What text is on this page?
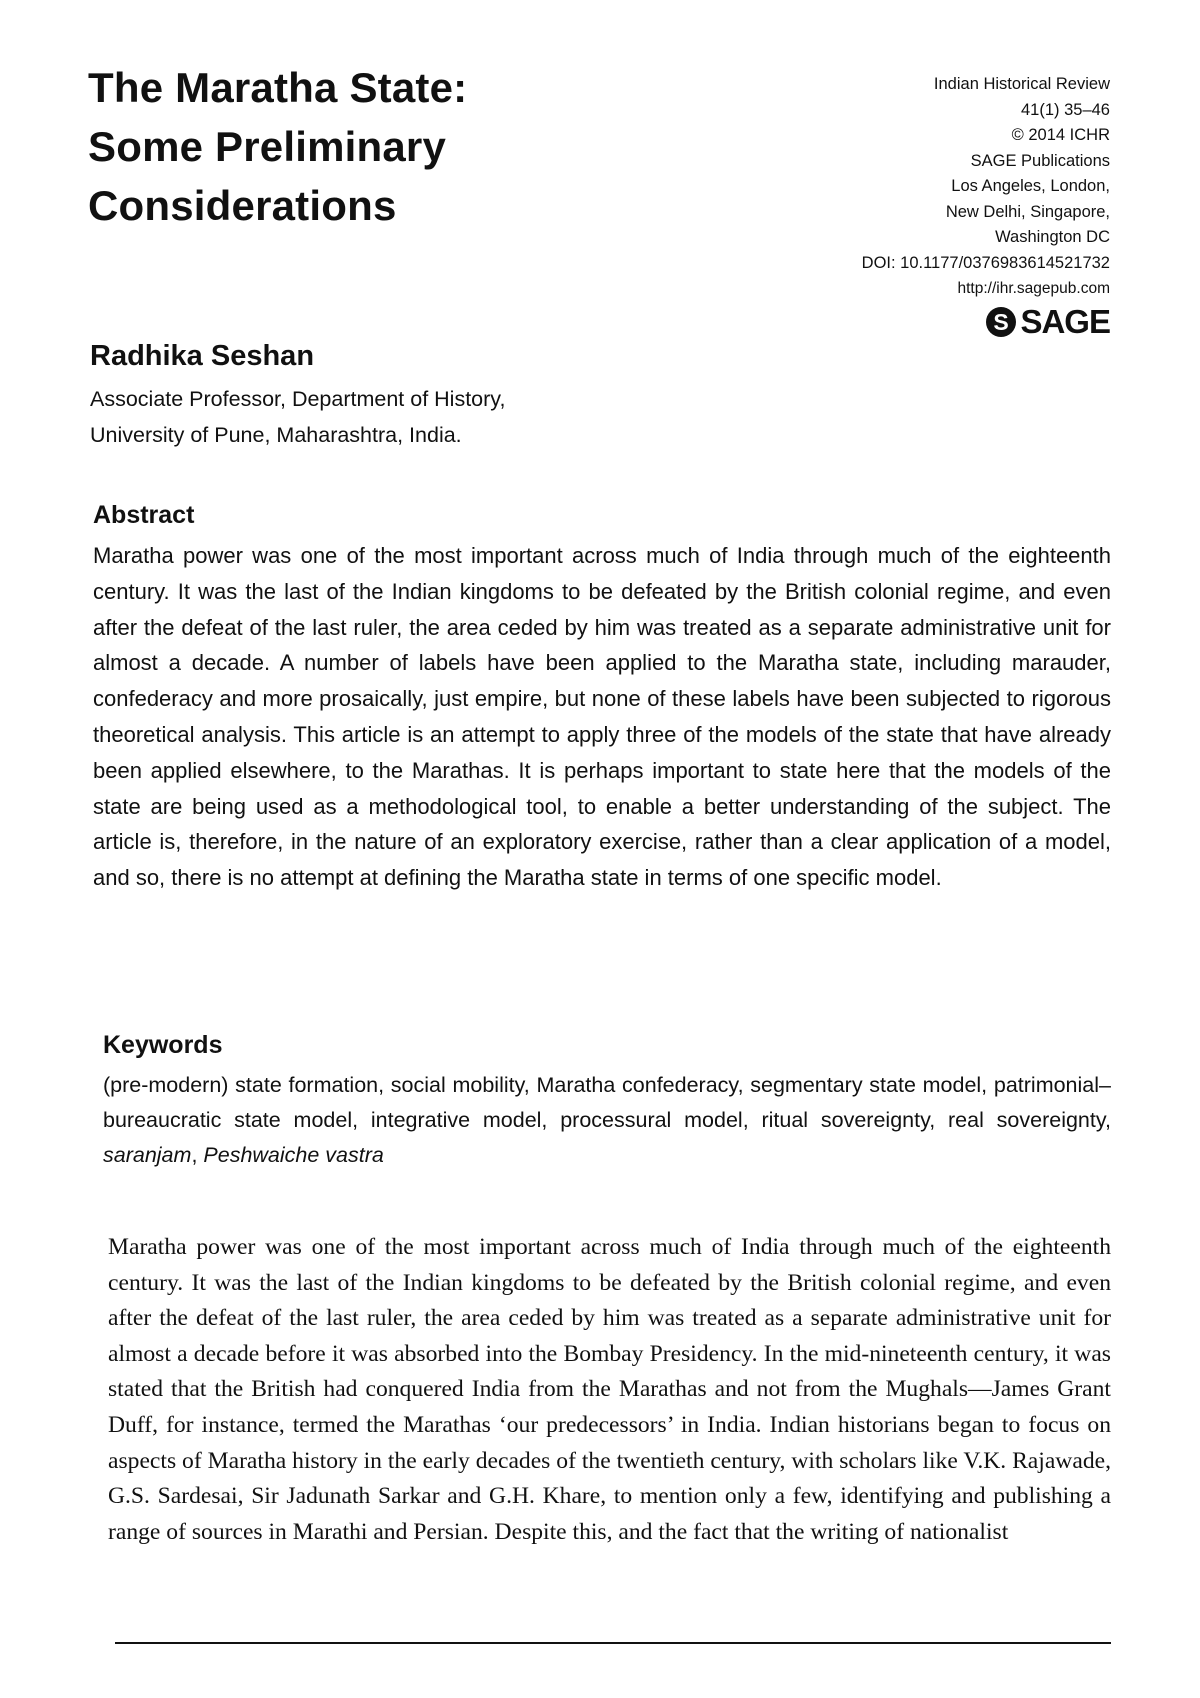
The Maratha State:
Some Preliminary
Considerations
Indian Historical Review
41(1) 35–46
© 2014 ICHR
SAGE Publications
Los Angeles, London,
New Delhi, Singapore,
Washington DC
DOI: 10.1177/0376983614521732
http://ihr.sagepub.com
S SAGE
Radhika Seshan
Associate Professor, Department of History,
University of Pune, Maharashtra, India.
Abstract

Maratha power was one of the most important across much of India through much of the eighteenth century. It was the last of the Indian kingdoms to be defeated by the British colonial regime, and even after the defeat of the last ruler, the area ceded by him was treated as a separate administrative unit for almost a decade. A number of labels have been applied to the Maratha state, including marauder, confederacy and more prosaically, just empire, but none of these labels have been subjected to rigorous theoretical analysis. This article is an attempt to apply three of the models of the state that have already been applied elsewhere, to the Marathas. It is perhaps important to state here that the models of the state are being used as a methodological tool, to enable a better understanding of the subject. The article is, therefore, in the nature of an exploratory exercise, rather than a clear application of a model, and so, there is no attempt at defining the Maratha state in terms of one specific model.

Keywords

(pre-modern) state formation, social mobility, Maratha confederacy, segmentary state model, patrimonial–bureaucratic state model, integrative model, processural model, ritual sovereignty, real sovereignty, saranjam, Peshwaiche vastra

Maratha power was one of the most important across much of India through much of the eighteenth century. It was the last of the Indian kingdoms to be defeated by the British colonial regime, and even after the defeat of the last ruler, the area ceded by him was treated as a separate administrative unit for almost a decade before it was absorbed into the Bombay Presidency. In the mid-nineteenth century, it was stated that the British had conquered India from the Marathas and not from the Mughals—James Grant Duff, for instance, termed the Marathas ‘our predecessors’ in India. Indian historians began to focus on aspects of Maratha history in the early decades of the twentieth century, with scholars like V.K. Rajawade, G.S. Sardesai, Sir Jadunath Sarkar and G.H. Khare, to mention only a few, identifying and publishing a range of sources in Marathi and Persian. Despite this, and the fact that the writing of nationalist
